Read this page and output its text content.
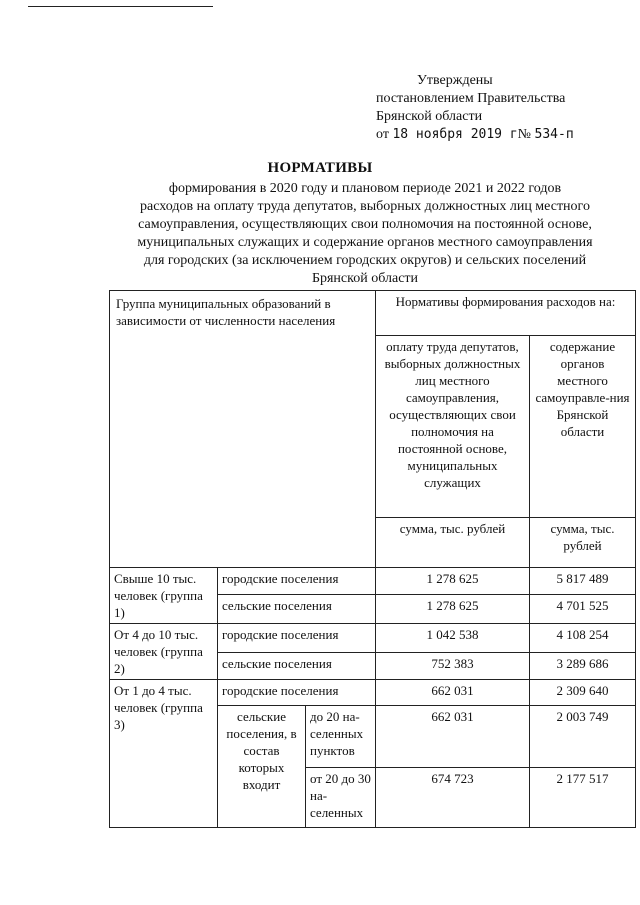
Утверждены
постановлением Правительства
Брянской области
от 18 ноября 2019 г№ 534-п
НОРМАТИВЫ
формирования в 2020 году и плановом периоде 2021 и 2022 годов
расходов на оплату труда депутатов, выборных должностных лиц местного
самоуправления, осуществляющих свои полномочия на постоянной основе,
муниципальных служащих и содержание органов местного самоуправления
для городских (за исключением городских округов) и сельских поселений
Брянской области
Группа муниципальных образований в зависимости от численности населения			Нормативы формирования расходов на:	
			оплату труда депутатов, выборных должностных лиц местного самоуправления, осуществляющих свои полномочия на постоянной основе, муниципальных служащих	содержание органов местного самоуправле-ния Брянской области
			сумма, тыс. рублей	сумма, тыс. рублей
Свыше 10 тыс. человек (группа 1)	городские поселения		1 278 625	5 817 489
	сельские поселения		1 278 625	4 701 525
От 4 до 10 тыс. человек (группа 2)	городские поселения		1 042 538	4 108 254
	сельские поселения		752 383	3 289 686
От 1 до 4 тыс. человек (группа 3)	городские поселения		662 031	2 309 640
	сельские поселения, в состав которых входит	до 20 на-селенных пунктов	662 031	2 003 749
		от 20 до 30 на-селенных	674 723	2 177 517
